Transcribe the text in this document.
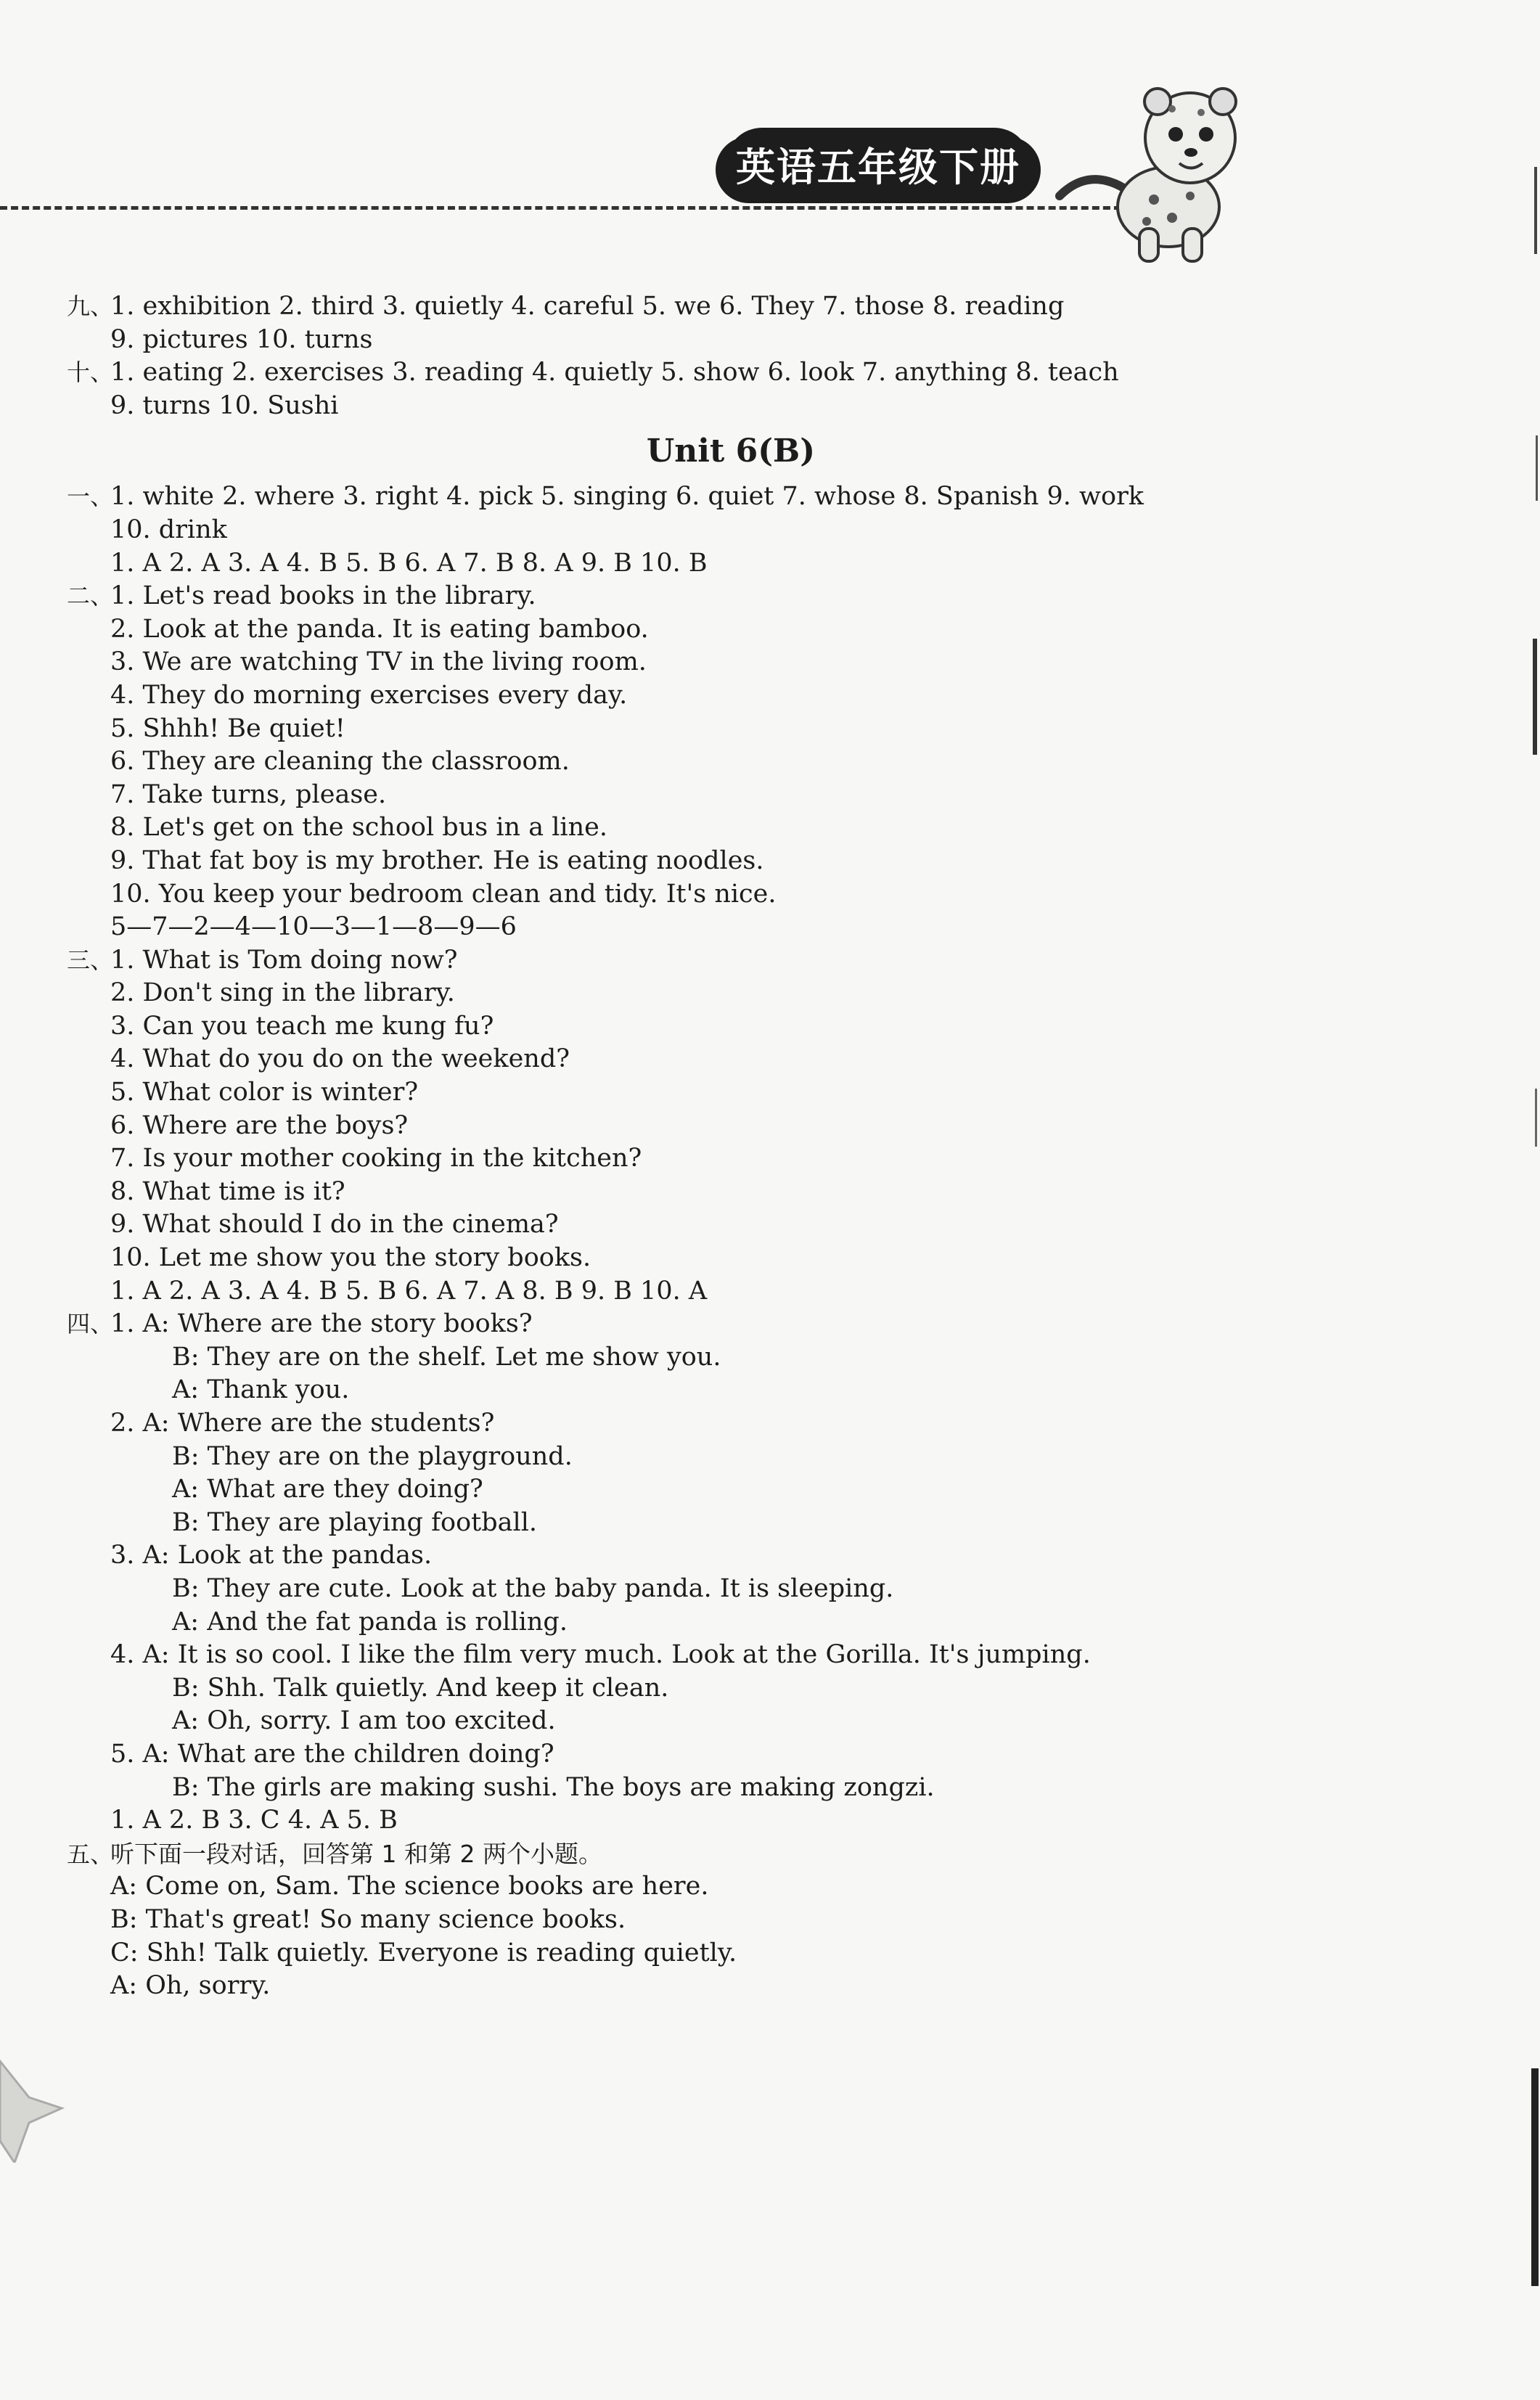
英语五年级下册
九、1. exhibition 2. third 3. quietly 4. careful 5. we 6. They 7. those 8. reading
9. pictures 10. turns
十、1. eating 2. exercises 3. reading 4. quietly 5. show 6. look 7. anything 8. teach
9. turns 10. Sushi
Unit 6(B)
一、1. white 2. where 3. right 4. pick 5. singing 6. quiet 7. whose 8. Spanish 9. work
10. drink
1. A 2. A 3. A 4. B 5. B 6. A 7. B 8. A 9. B 10. B
二、1. Let's read books in the library.
2. Look at the panda. It is eating bamboo.
3. We are watching TV in the living room.
4. They do morning exercises every day.
5. Shhh! Be quiet!
6. They are cleaning the classroom.
7. Take turns, please.
8. Let's get on the school bus in a line.
9. That fat boy is my brother. He is eating noodles.
10. You keep your bedroom clean and tidy. It's nice.
5—7—2—4—10—3—1—8—9—6
三、1. What is Tom doing now?
2. Don't sing in the library.
3. Can you teach me kung fu?
4. What do you do on the weekend?
5. What color is winter?
6. Where are the boys?
7. Is your mother cooking in the kitchen?
8. What time is it?
9. What should I do in the cinema?
10. Let me show you the story books.
1. A 2. A 3. A 4. B 5. B 6. A 7. A 8. B 9. B 10. A
四、1. A: Where are the story books?
B: They are on the shelf. Let me show you.
A: Thank you.
2. A: Where are the students?
B: They are on the playground.
A: What are they doing?
B: They are playing football.
3. A: Look at the pandas.
B: They are cute. Look at the baby panda. It is sleeping.
A: And the fat panda is rolling.
4. A: It is so cool. I like the film very much. Look at the Gorilla. It's jumping.
B: Shh. Talk quietly. And keep it clean.
A: Oh, sorry. I am too excited.
5. A: What are the children doing?
B: The girls are making sushi. The boys are making zongzi.
1. A 2. B 3. C 4. A 5. B
五、听下面一段对话，回答第 1 和第 2 两个小题。
A: Come on, Sam. The science books are here.
B: That's great! So many science books.
C: Shh! Talk quietly. Everyone is reading quietly.
A: Oh, sorry.
